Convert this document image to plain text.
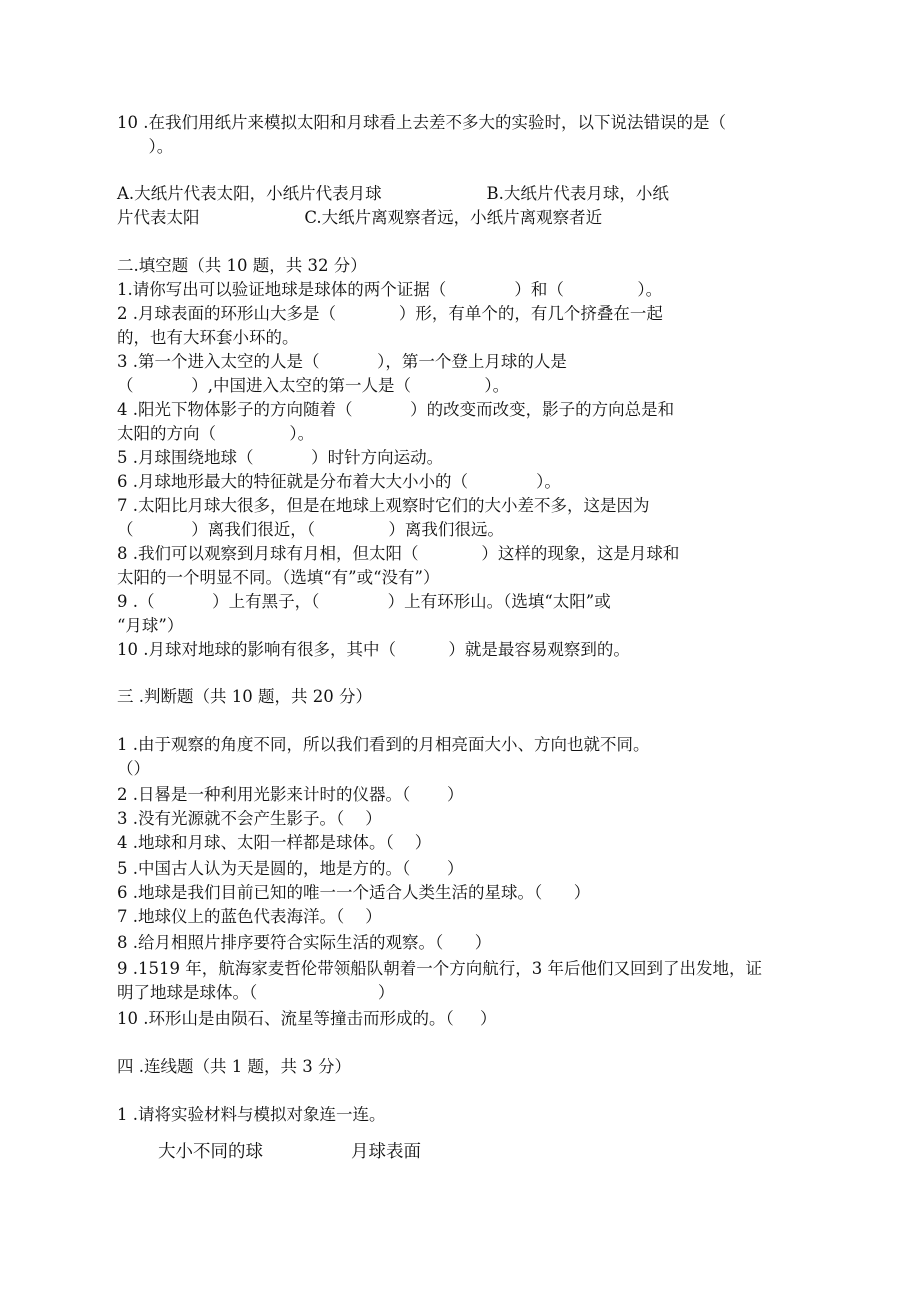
10 .在我们用纸片来模拟太阳和月球看上去差不多大的实验时，以下说法错误的是（
）。
A.大纸片代表太阳，小纸片代表月球                    B.大纸片代表月球，小纸
片代表太阳                    C.大纸片离观察者远，小纸片离观察者近
二.填空题（共 10 题，共 32 分）
1.请你写出可以验证地球是球体的两个证据（             ）和（              ）。
2 .月球表面的环形山大多是（            ）形，有单个的，有几个挤叠在一起
的，也有大环套小环的。
3 .第一个进入太空的人是（           ），第一个登上月球的人是
（           ）,中国进入太空的第一人是（              ）。
4 .阳光下物体影子的方向随着（           ）的改变而改变，影子的方向总是和
太阳的方向（              ）。
5 .月球围绕地球（           ）时针方向运动。
6 .月球地形最大的特征就是分布着大大小小的（             ）。
7 .太阳比月球大很多，但是在地球上观察时它们的大小差不多，这是因为
（           ）离我们很近，（              ）离我们很远。
8 .我们可以观察到月球有月相，但太阳（            ）这样的现象，这是月球和
太阳的一个明显不同。（选填“有”或“没有”）
9 .（           ）上有黑子，（             ）上有环形山。（选填“太阳”或
“月球”）
10 .月球对地球的影响有很多，其中（          ）就是最容易观察到的。
三 .判断题（共 10 题，共 20 分）
1 .由于观察的角度不同，所以我们看到的月相亮面大小、方向也就不同。
（）
2 .日晷是一种利用光影来计时的仪器。（       ）
3 .没有光源就不会产生影子。（    ）
4 .地球和月球、太阳一样都是球体。（    ）
5 .中国古人认为天是圆的，地是方的。（       ）
6 .地球是我们目前已知的唯一一个适合人类生活的星球。（      ）
7 .地球仪上的蓝色代表海洋。（    ）
8 .给月相照片排序要符合实际生活的观察。（      ）
9 .1519 年，航海家麦哲伦带领船队朝着一个方向航行，3 年后他们又回到了出发地，证
明了地球是球体。（                       ）
10 .环形山是由陨石、流星等撞击而形成的。（     ）
四 .连线题（共 1 题，共 3 分）
1 .请将实验材料与模拟对象连一连。
大小不同的球	月球表面
